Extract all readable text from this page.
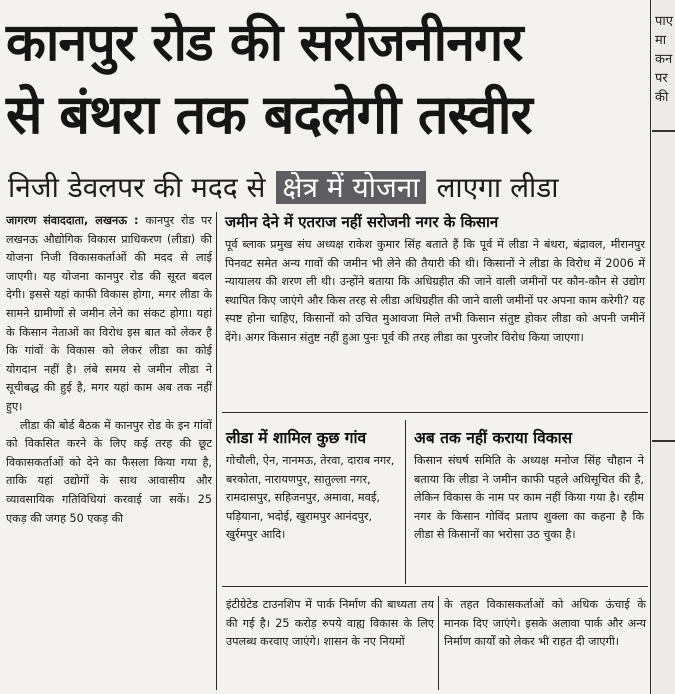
कानपुर रोड की सरोजनीनगर
से बंथरा तक बदलेगी तस्वीर
निजी डेवलपर की मदद से क्षेत्र में योजना लाएगा लीडा
जागरण संवाददाता, लखनऊ : कानपुर रोड पर लखनऊ औद्योगिक विकास प्राधिकरण (लीडा) की योजना निजी विकासकर्ताओं की मदद से लाई जाएगी। यह योजना कानपुर रोड की सूरत बदल देगी। इससे यहां काफी विकास होगा, मगर लीडा के सामने ग्रामीणों से जमीन लेने का संकट होगा। यहां के किसान नेताओं का विरोध इस बात को लेकर है कि गांवों के विकास को लेकर लीडा का कोई योगदान नहीं है। लंबे समय से जमीन लीडा ने सूचीबद्ध की हुई है, मगर यहां काम अब तक नहीं हुए।
लीडा की बोर्ड बैठक में कानपुर रोड के इन गांवों को विकसित करने के लिए कई तरह की छूट विकासकर्ताओं को देने का फैसला किया गया है, ताकि यहां उद्योगों के साथ आवासीय और व्यावसायिक गतिविधियां करवाई जा सकें। 25 एकड़ की जगह 50 एकड़ की
जमीन देने में एतराज नहीं सरोजनी नगर के किसान
पूर्व ब्लाक प्रमुख संघ अध्यक्ष राकेश कुमार सिंह बताते हैं कि पूर्व में लीडा ने बंथरा, बंद्रावल, मीरानपुर पिनवट समेत अन्य गावों की जमीन भी लेने की तैयारी की थी। किसानों ने लीडा के विरोध में 2006 में न्यायालय की शरण ली थी। उन्होंने बताया कि अधिग्रहीत की जाने वाली जमीनों पर कौन-कौन से उद्योग स्थापित किए जाएंगे और किस तरह से लीडा अधिग्रहीत की जाने वाली जमीनों पर अपना काम करेगी? यह स्पष्ट होना चाहिए, किसानों को उचित मुआवजा मिले तभी किसान संतुष्ट होकर लीडा को अपनी जमीनें देंगे। अगर किसान संतुष्ट नहीं हुआ पुनः पूर्व की तरह लीडा का पुरजोर विरोध किया जाएगा।
लीडा में शामिल कुछ गांव
गोचौली, ऐन, नानमऊ, तेरवा, दाराब नगर, बरकोता, नारायणपुर, सातुल्ला नगर, रामदासपुर, सहिजनपुर, अमावा, मवई, पड़ियाना, भदोई, खुरामपुर आनंदपुर, खुर्रमपुर आदि।
अब तक नहीं कराया विकास
किसान संघर्ष समिति के अध्यक्ष मनोज सिंह चौहान ने बताया कि लीडा ने जमीन काफी पहले अधिसूचित की है, लेकिन विकास के नाम पर काम नहीं किया गया है। रहीम नगर के किसान गोविंद प्रताप शुक्ला का कहना है कि लीडा से किसानों का भरोसा उठ चुका है।
इंटीग्रेटेड टाउनशिप में पार्क निर्माण की बाध्यता तय की गई है। 25 करोड़ रुपये वाह्य विकास के लिए उपलब्ध करवाए जाएंगे। शासन के नए नियमों
के तहत विकासकर्ताओं को अधिक ऊंचाई के मानक दिए जाएंगे। इसके अलावा पार्क और अन्य निर्माण कार्यों को लेकर भी राहत दी जाएगी।
पाए
मा
कन
पर
की
